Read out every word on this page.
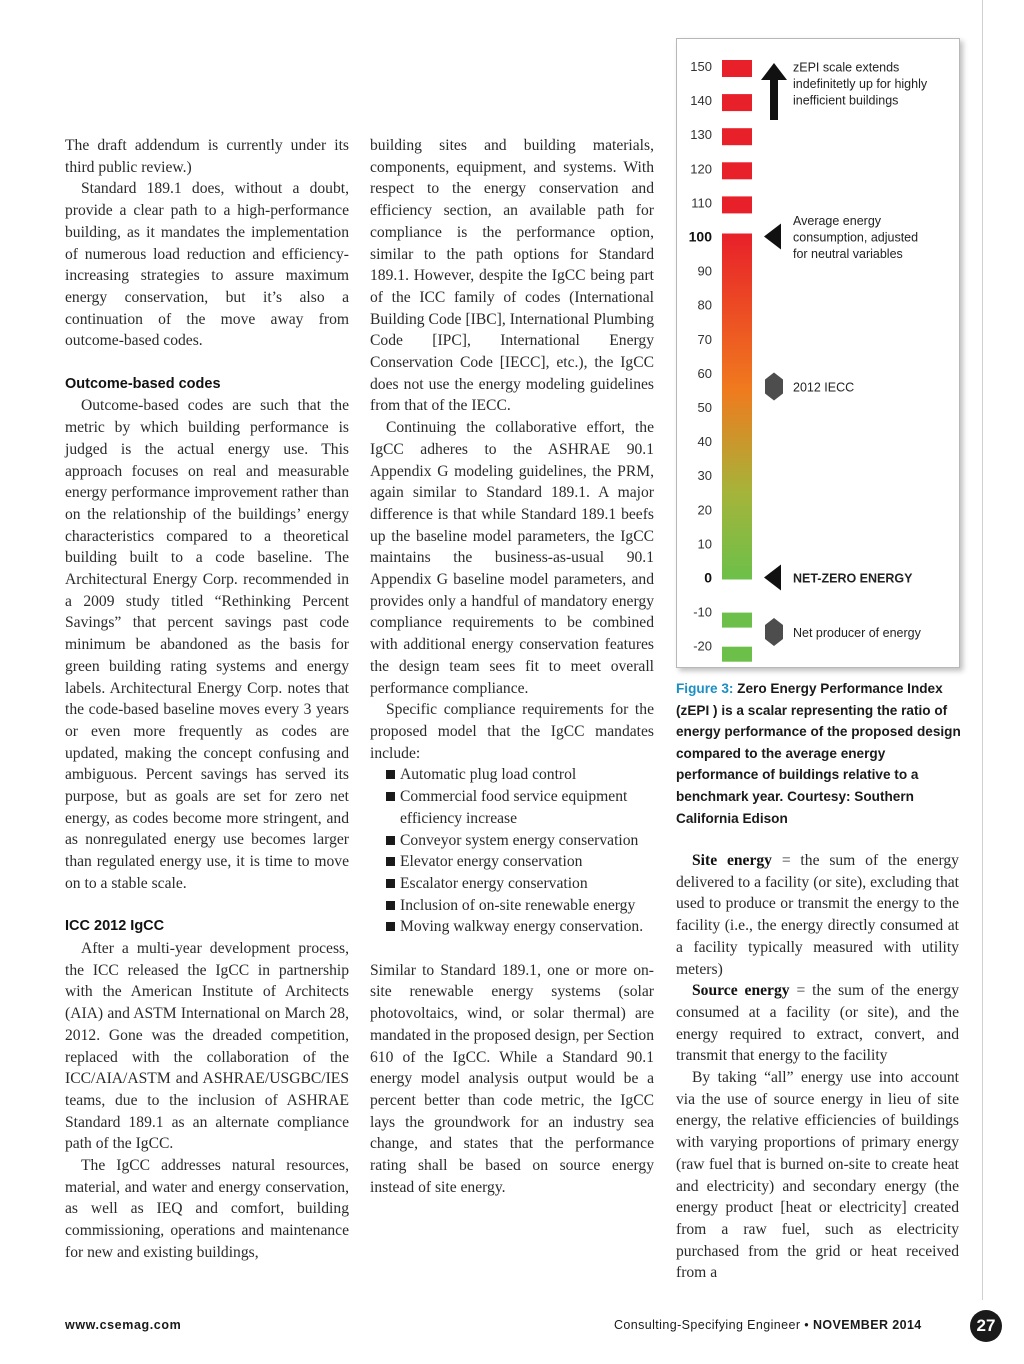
The draft addendum is currently under its third public review.)

Standard 189.1 does, without a doubt, provide a clear path to a high-performance building, as it mandates the implementation of numerous load reduction and efficiency-increasing strategies to assure maximum energy conservation, but it’s also a continuation of the move away from outcome-based codes.

Outcome-based codes

Outcome-based codes are such that the metric by which building performance is judged is the actual energy use. This approach focuses on real and measurable energy performance improvement rather than on the relationship of the buildings’ energy characteristics compared to a theoretical building built to a code baseline. The Architectural Energy Corp. recommended in a 2009 study titled “Rethinking Percent Savings” that percent savings past code minimum be abandoned as the basis for green building rating systems and energy labels. Architectural Energy Corp. notes that the code-based baseline moves every 3 years or even more frequently as codes are updated, making the concept confusing and ambiguous. Percent savings has served its purpose, but as goals are set for zero net energy, as codes become more stringent, and as nonregulated energy use becomes larger than regulated energy use, it is time to move on to a stable scale.

ICC 2012 IgCC

After a multi-year development process, the ICC released the IgCC in partnership with the American Institute of Architects (AIA) and ASTM International on March 28, 2012. Gone was the dreaded competition, replaced with the collaboration of the ICC/AIA/ASTM and ASHRAE/USGBC/IES teams, due to the inclusion of ASHRAE Standard 189.1 as an alternate compliance path of the IgCC.

The IgCC addresses natural resources, material, and water and energy conservation, as well as IEQ and comfort, building commissioning, operations and maintenance for new and existing buildings,

building sites and building materials, components, equipment, and systems. With respect to the energy conservation and efficiency section, an available path for compliance is the performance option, similar to the path options for Standard 189.1. However, despite the IgCC being part of the ICC family of codes (International Building Code [IBC], International Plumbing Code [IPC], International Energy Conservation Code [IECC], etc.), the IgCC does not use the energy modeling guidelines from that of the IECC.

Continuing the collaborative effort, the IgCC adheres to the ASHRAE 90.1 Appendix G modeling guidelines, the PRM, again similar to Standard 189.1. A major difference is that while Standard 189.1 beefs up the baseline model parameters, the IgCC maintains the business-as-usual 90.1 Appendix G baseline model parameters, and provides only a handful of mandatory energy compliance requirements to be combined with additional energy conservation features the design team sees fit to meet overall performance compliance.

Specific compliance requirements for the proposed model that the IgCC mandates include:

Automatic plug load control
Commercial food service equipment efficiency increase
Conveyor system energy conservation
Elevator energy conservation
Escalator energy conservation
Inclusion of on-site renewable energy
Moving walkway energy conservation.

Similar to Standard 189.1, one or more on-site renewable energy systems (solar photovoltaics, wind, or solar thermal) are mandated in the proposed design, per Section 610 of the IgCC. While a Standard 90.1 energy model analysis output would be a percent better than code metric, the IgCC lays the groundwork for an industry sea change, and states that the performance rating shall be based on source energy instead of site energy.

150
140
130
120
110
100
90
80
70
60
50
40
30
20
10
0
-10
-20
zEPI scale extends
indefinitetly up for highly
inefficient buildings
Average energy
consumption, adjusted
for neutral variables
2012 IECC
NET-ZERO ENERGY
Net producer of energy
Figure 3: Zero Energy Performance Index (zEPI ) is a scalar representing the ratio of energy performance of the proposed design compared to the average energy performance of buildings relative to a benchmark year. Courtesy: Southern California Edison

Site energy = the sum of the energy delivered to a facility (or site), excluding that used to produce or transmit the energy to the facility (i.e., the energy directly consumed at a facility typically measured with utility meters)

Source energy = the sum of the energy consumed at a facility (or site), and the energy required to extract, convert, and transmit that energy to the facility

By taking “all” energy use into account via the use of source energy in lieu of site energy, the relative efficiencies of buildings with varying proportions of primary energy (raw fuel that is burned on-site to create heat and electricity) and secondary energy (the energy product [heat or electricity] created from a raw fuel, such as electricity purchased from the grid or heat received from a

www.csemag.com	Consulting-Specifying Engineer • NOVEMBER 2014	27
